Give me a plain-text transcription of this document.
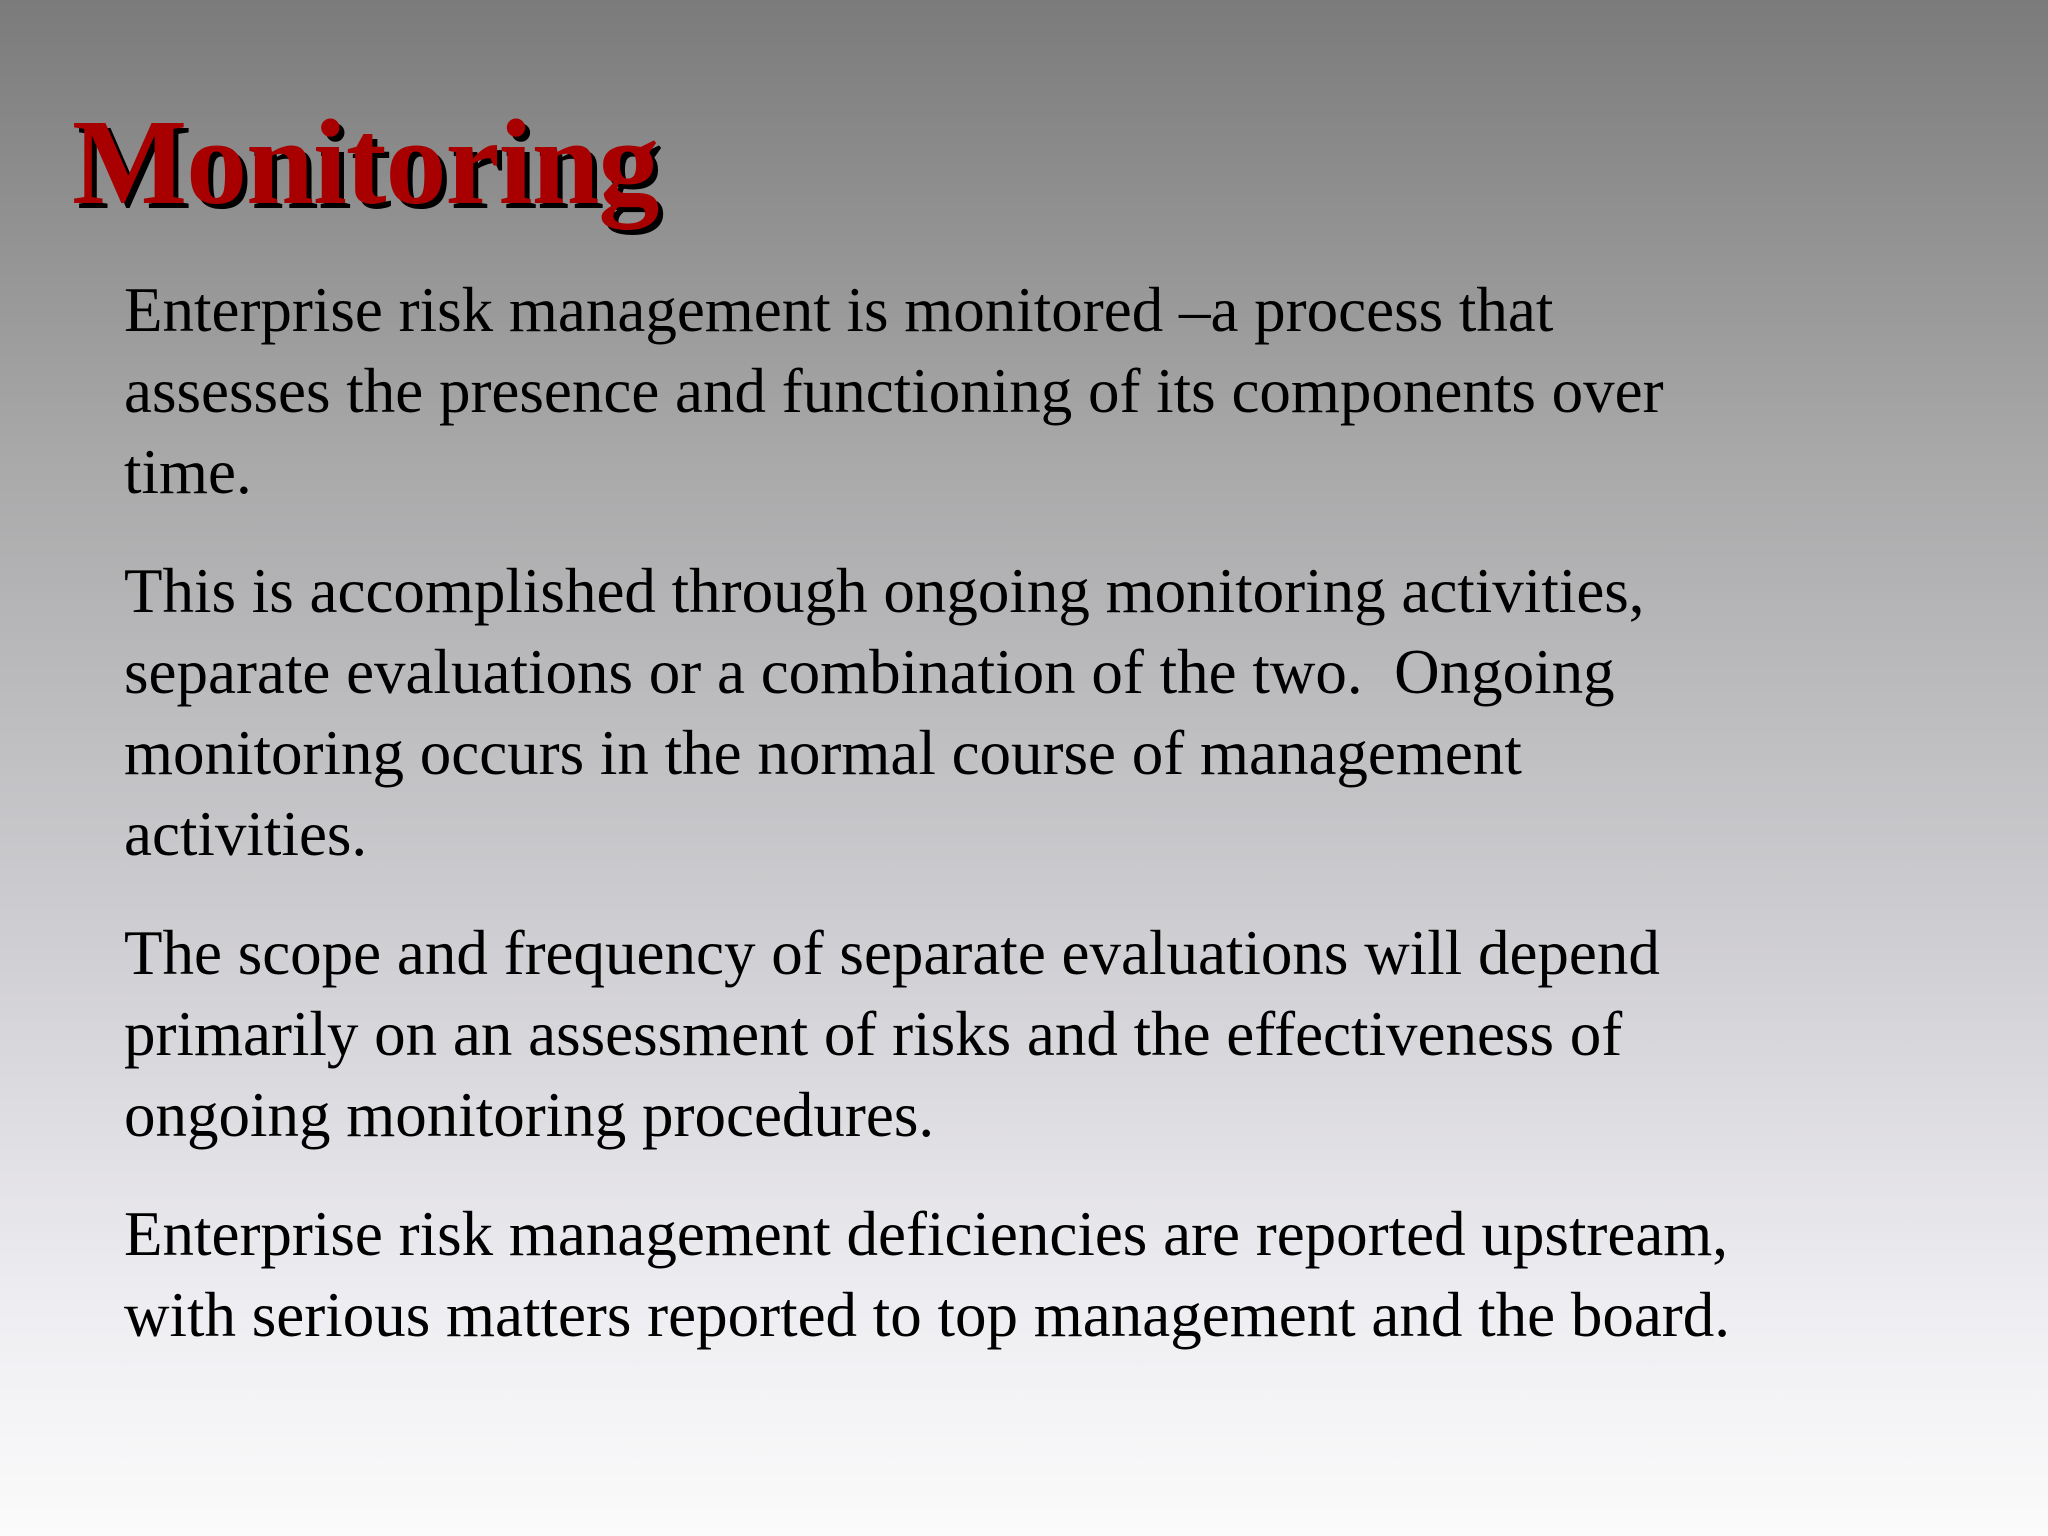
Monitoring

Enterprise risk management is monitored –a process that
assesses the presence and functioning of its components over
time.

This is accomplished through ongoing monitoring activities,
separate evaluations or a combination of the two.  Ongoing
monitoring occurs in the normal course of management
activities.

The scope and frequency of separate evaluations will depend
primarily on an assessment of risks and the effectiveness of
ongoing monitoring procedures.

Enterprise risk management deficiencies are reported upstream,
with serious matters reported to top management and the board.
